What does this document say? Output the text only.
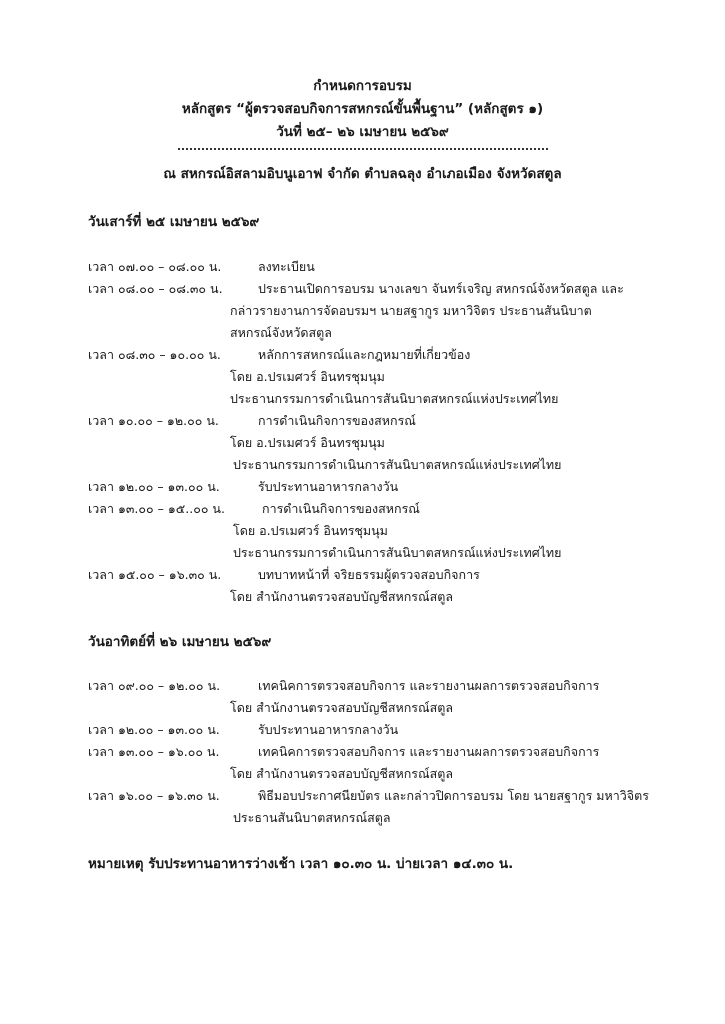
กำหนดการอบรม
หลักสูตร “ผู้ตรวจสอบกิจการสหกรณ์ขั้นพื้นฐาน” (หลักสูตร ๑)
วันที่ ๒๕– ๒๖ เมษายน ๒๕๖๙
ณ สหกรณ์อิสลามอิบนูเอาฟ จำกัด ตำบลฉลุง อำเภอเมือง จังหวัดสตูล
วันเสาร์ที่ ๒๕ เมษายน ๒๕๖๙
เวลา ๐๗.๐๐ – ๐๘.๐๐ น.	ลงทะเบียน
เวลา ๐๘.๐๐ – ๐๘.๓๐ น.	ประธานเปิดการอบรม นางเลขา จันทร์เจริญ สหกรณ์จังหวัดสตูล และ
กล่าวรายงานการจัดอบรมฯ นายสฐากูร มหาวิจิตร ประธานสันนิบาต
สหกรณ์จังหวัดสตูล
เวลา ๐๘.๓๐ – ๑๐.๐๐ น.	หลักการสหกรณ์และกฎหมายที่เกี่ยวข้อง
โดย อ.ปรเมศวร์ อินทรชุมนุม
ประธานกรรมการดำเนินการสันนิบาตสหกรณ์แห่งประเทศไทย
เวลา ๑๐.๐๐ – ๑๒.๐๐ น.	การดำเนินกิจการของสหกรณ์
โดย อ.ปรเมศวร์ อินทรชุมนุม
ประธานกรรมการดำเนินการสันนิบาตสหกรณ์แห่งประเทศไทย
เวลา ๑๒.๐๐ – ๑๓.๐๐ น.	รับประทานอาหารกลางวัน
เวลา ๑๓.๐๐ – ๑๕..๐๐ น.	การดำเนินกิจการของสหกรณ์
โดย อ.ปรเมศวร์ อินทรชุมนุม
ประธานกรรมการดำเนินการสันนิบาตสหกรณ์แห่งประเทศไทย
เวลา ๑๕.๐๐ – ๑๖.๓๐ น.	บทบาทหน้าที่ จริยธรรมผู้ตรวจสอบกิจการ
โดย สำนักงานตรวจสอบบัญชีสหกรณ์สตูล
วันอาทิตย์ที่ ๒๖ เมษายน ๒๕๖๙
เวลา ๐๙.๐๐ – ๑๒.๐๐ น.	เทคนิคการตรวจสอบกิจการ และรายงานผลการตรวจสอบกิจการ
โดย สำนักงานตรวจสอบบัญชีสหกรณ์สตูล
เวลา ๑๒.๐๐ – ๑๓.๐๐ น.	รับประทานอาหารกลางวัน
เวลา ๑๓.๐๐ – ๑๖.๐๐ น.	เทคนิคการตรวจสอบกิจการ และรายงานผลการตรวจสอบกิจการ
โดย สำนักงานตรวจสอบบัญชีสหกรณ์สตูล
เวลา ๑๖.๐๐ – ๑๖.๓๐ น.	พิธีมอบประกาศนียบัตร และกล่าวปิดการอบรม โดย นายสฐากูร มหาวิจิตร
ประธานสันนิบาตสหกรณ์สตูล
หมายเหตุ รับประทานอาหารว่างเช้า เวลา ๑๐.๓๐ น. บ่ายเวลา ๑๔.๓๐ น.
